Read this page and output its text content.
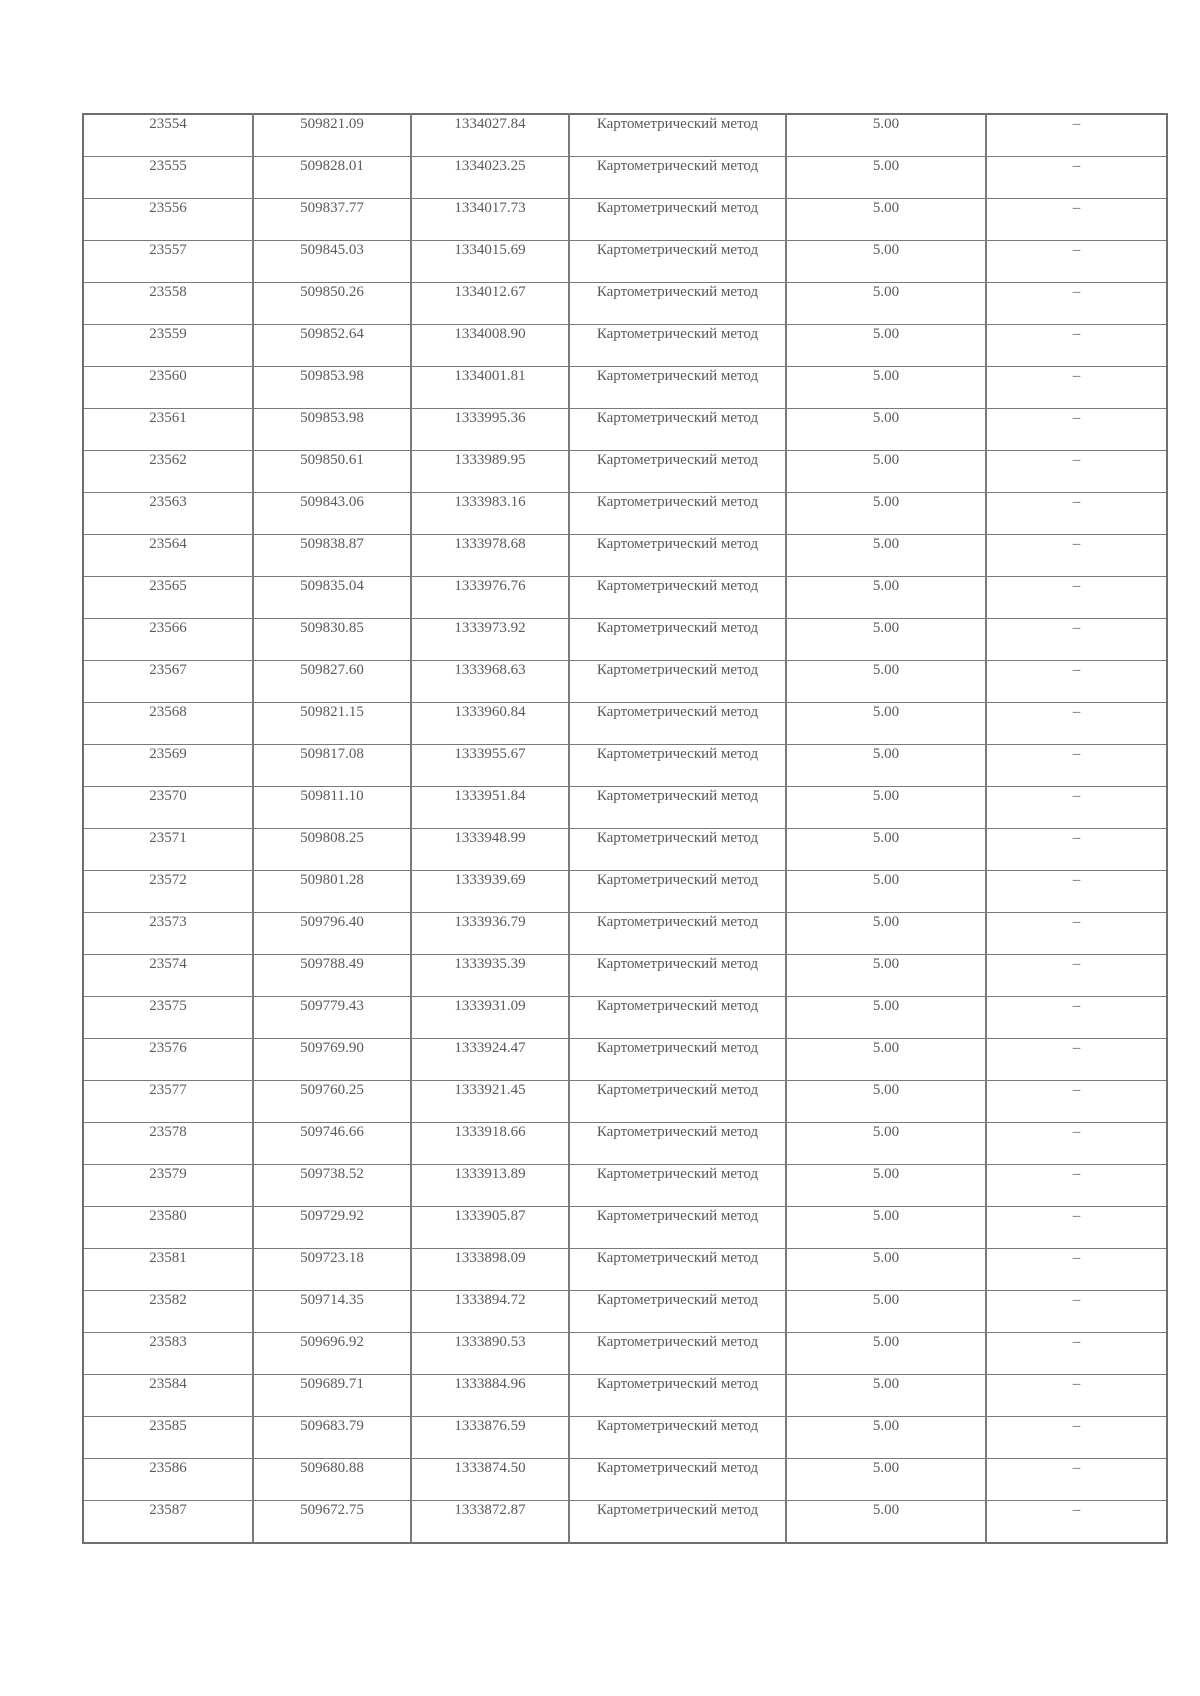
23554	509821.09	1334027.84	Картометрический метод	5.00	–
23555	509828.01	1334023.25	Картометрический метод	5.00	–
23556	509837.77	1334017.73	Картометрический метод	5.00	–
23557	509845.03	1334015.69	Картометрический метод	5.00	–
23558	509850.26	1334012.67	Картометрический метод	5.00	–
23559	509852.64	1334008.90	Картометрический метод	5.00	–
23560	509853.98	1334001.81	Картометрический метод	5.00	–
23561	509853.98	1333995.36	Картометрический метод	5.00	–
23562	509850.61	1333989.95	Картометрический метод	5.00	–
23563	509843.06	1333983.16	Картометрический метод	5.00	–
23564	509838.87	1333978.68	Картометрический метод	5.00	–
23565	509835.04	1333976.76	Картометрический метод	5.00	–
23566	509830.85	1333973.92	Картометрический метод	5.00	–
23567	509827.60	1333968.63	Картометрический метод	5.00	–
23568	509821.15	1333960.84	Картометрический метод	5.00	–
23569	509817.08	1333955.67	Картометрический метод	5.00	–
23570	509811.10	1333951.84	Картометрический метод	5.00	–
23571	509808.25	1333948.99	Картометрический метод	5.00	–
23572	509801.28	1333939.69	Картометрический метод	5.00	–
23573	509796.40	1333936.79	Картометрический метод	5.00	–
23574	509788.49	1333935.39	Картометрический метод	5.00	–
23575	509779.43	1333931.09	Картометрический метод	5.00	–
23576	509769.90	1333924.47	Картометрический метод	5.00	–
23577	509760.25	1333921.45	Картометрический метод	5.00	–
23578	509746.66	1333918.66	Картометрический метод	5.00	–
23579	509738.52	1333913.89	Картометрический метод	5.00	–
23580	509729.92	1333905.87	Картометрический метод	5.00	–
23581	509723.18	1333898.09	Картометрический метод	5.00	–
23582	509714.35	1333894.72	Картометрический метод	5.00	–
23583	509696.92	1333890.53	Картометрический метод	5.00	–
23584	509689.71	1333884.96	Картометрический метод	5.00	–
23585	509683.79	1333876.59	Картометрический метод	5.00	–
23586	509680.88	1333874.50	Картометрический метод	5.00	–
23587	509672.75	1333872.87	Картометрический метод	5.00	–
